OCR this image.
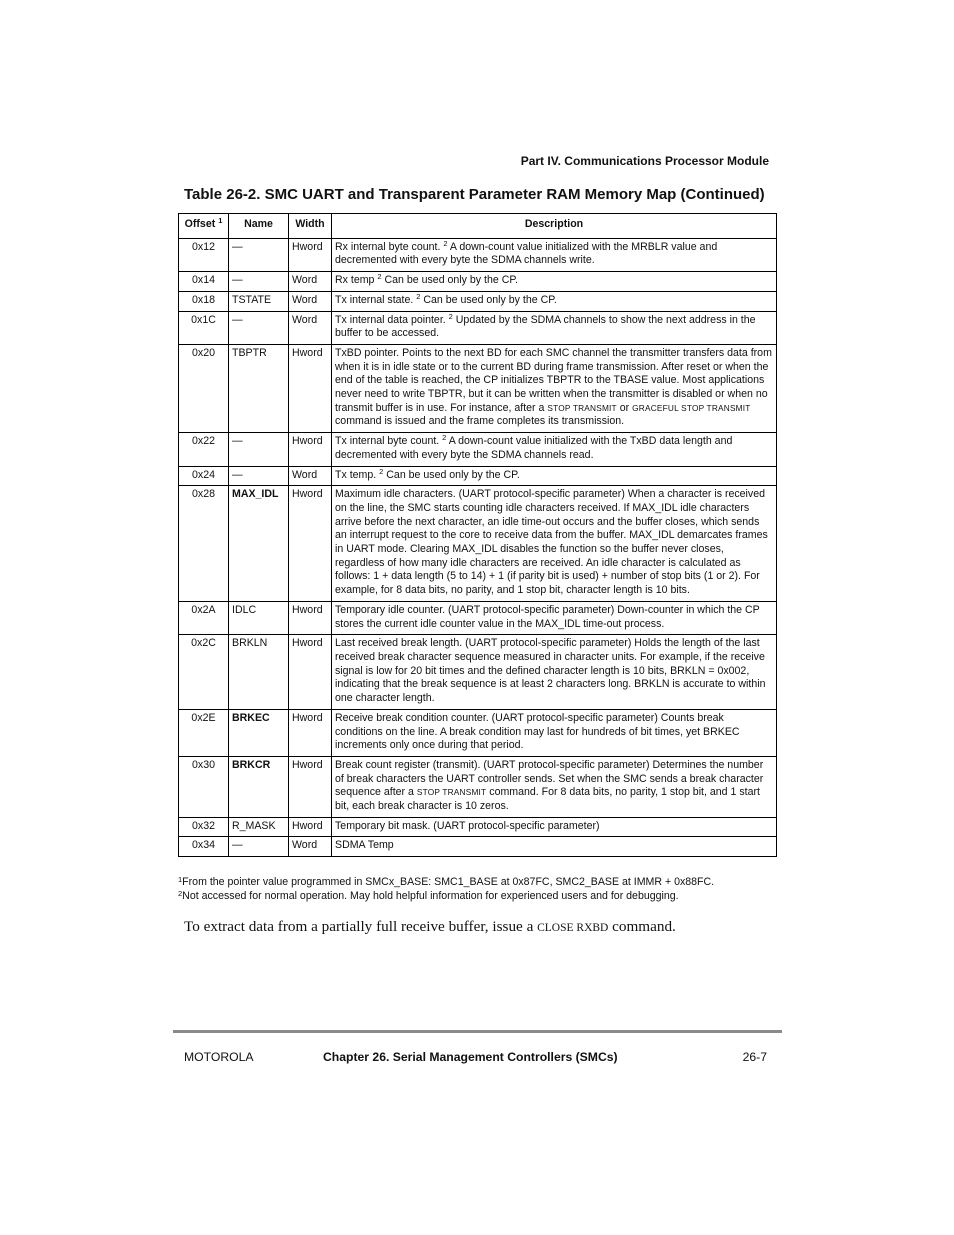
Part IV. Communications Processor Module
Table 26-2. SMC UART and Transparent Parameter RAM Memory Map (Continued)
Offset $^1$	Name	Width	Description
0x12	—	Hword	Rx internal byte count. $^2$ A down-count value initialized with the MRBLR value and decremented with every byte the SDMA channels write.
0x14	—	Word	Rx temp $^2$ Can be used only by the CP.
0x18	TSTATE	Word	Tx internal state. $^2$ Can be used only by the CP.
0x1C	—	Word	Tx internal data pointer. $^2$ Updated by the SDMA channels to show the next address in the buffer to be accessed.
0x20	TBPTR	Hword	TxBD pointer. Points to the next BD for each SMC channel the transmitter transfers data from when it is in idle state or to the current BD during frame transmission. After reset or when the end of the table is reached, the CP initializes TBPTR to the TBASE value. Most applications never need to write TBPTR, but it can be written when the transmitter is disabled or when no transmit buffer is in use. For instance, after a STOP TRANSMIT or GRACEFUL STOP TRANSMIT command is issued and the frame completes its transmission.
0x22	—	Hword	Tx internal byte count. $^2$ A down-count value initialized with the TxBD data length and decremented with every byte the SDMA channels read.
0x24	—	Word	Tx temp. $^2$ Can be used only by the CP.
0x28	MAX_IDL	Hword	Maximum idle characters. (UART protocol-specific parameter) When a character is received on the line, the SMC starts counting idle characters received. If MAX_IDL idle characters arrive before the next character, an idle time-out occurs and the buffer closes, which sends an interrupt request to the core to receive data from the buffer. MAX_IDL demarcates frames in UART mode. Clearing MAX_IDL disables the function so the buffer never closes, regardless of how many idle characters are received. An idle character is calculated as follows: 1 + data length (5 to 14) + 1 (if parity bit is used) + number of stop bits (1 or 2). For example, for 8 data bits, no parity, and 1 stop bit, character length is 10 bits.
0x2A	IDLC	Hword	Temporary idle counter. (UART protocol-specific parameter) Down-counter in which the CP stores the current idle counter value in the MAX_IDL time-out process.
0x2C	BRKLN	Hword	Last received break length. (UART protocol-specific parameter) Holds the length of the last received break character sequence measured in character units. For example, if the receive signal is low for 20 bit times and the defined character length is 10 bits, BRKLN = 0x002, indicating that the break sequence is at least 2 characters long. BRKLN is accurate to within one character length.
0x2E	BRKEC	Hword	Receive break condition counter. (UART protocol-specific parameter) Counts break conditions on the line. A break condition may last for hundreds of bit times, yet BRKEC increments only once during that period.
0x30	BRKCR	Hword	Break count register (transmit). (UART protocol-specific parameter) Determines the number of break characters the UART controller sends. Set when the SMC sends a break character sequence after a STOP TRANSMIT command. For 8 data bits, no parity, 1 stop bit, and 1 start bit, each break character is 10 zeros.
0x32	R_MASK	Hword	Temporary bit mask. (UART protocol-specific parameter)
0x34	—	Word	SDMA Temp
$^1$From the pointer value programmed in SMCx_BASE: SMC1_BASE at 0x87FC, SMC2_BASE at IMMR + 0x88FC.
$^2$Not accessed for normal operation. May hold helpful information for experienced users and for debugging.
To extract data from a partially full receive buffer, issue a CLOSE RXBD command.
MOTOROLA	Chapter 26. Serial Management Controllers (SMCs)	26-7
